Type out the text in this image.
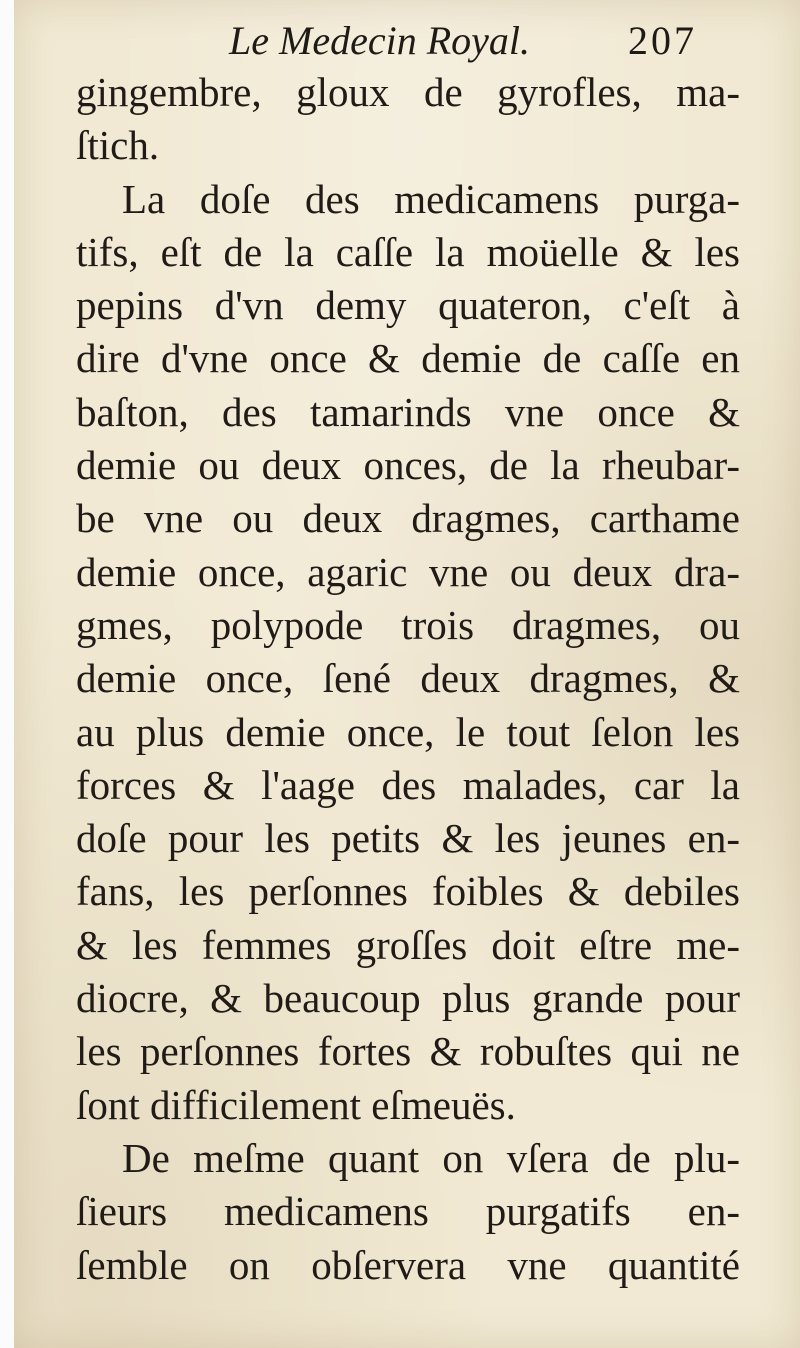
Le Medecin Royal. 207
gingembre, gloux de gyrofles, ma-
ſtich.
La doſe des medicamens purga-
tifs, eſt de la caſſe la moüelle & les
pepins d'vn demy quateron, c'eſt à
dire d'vne once & demie de caſſe en
baſton, des tamarinds vne once &
demie ou deux onces, de la rheubar-
be vne ou deux dragmes, carthame
demie once, agaric vne ou deux dra-
gmes, polypode trois dragmes, ou
demie once, ſené deux dragmes, &
au plus demie once, le tout ſelon les
forces & l'aage des malades, car la
doſe pour les petits & les jeunes en-
fans, les perſonnes foibles & debiles
& les femmes groſſes doit eſtre me-
diocre, & beaucoup plus grande pour
les perſonnes fortes & robuſtes qui ne
ſont difficilement eſmeuës.
De meſme quant on vſera de plu-
ſieurs medicamens purgatifs en-
ſemble on obſervera vne quantité
